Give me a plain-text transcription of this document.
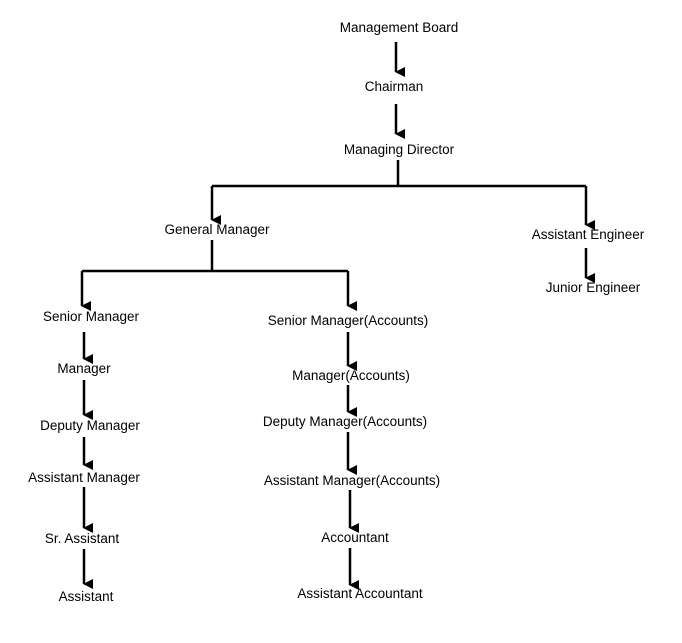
Management Board
Chairman
Managing Director
General Manager	Assistant Engineer
Junior Engineer
Senior Manager
Manager
Deputy Manager
Assistant Manager
Sr. Assistant
Assistant
Senior Manager(Accounts)
Manager(Accounts)
Deputy Manager(Accounts)
Assistant Manager(Accounts)
Accountant
Assistant Accountant
